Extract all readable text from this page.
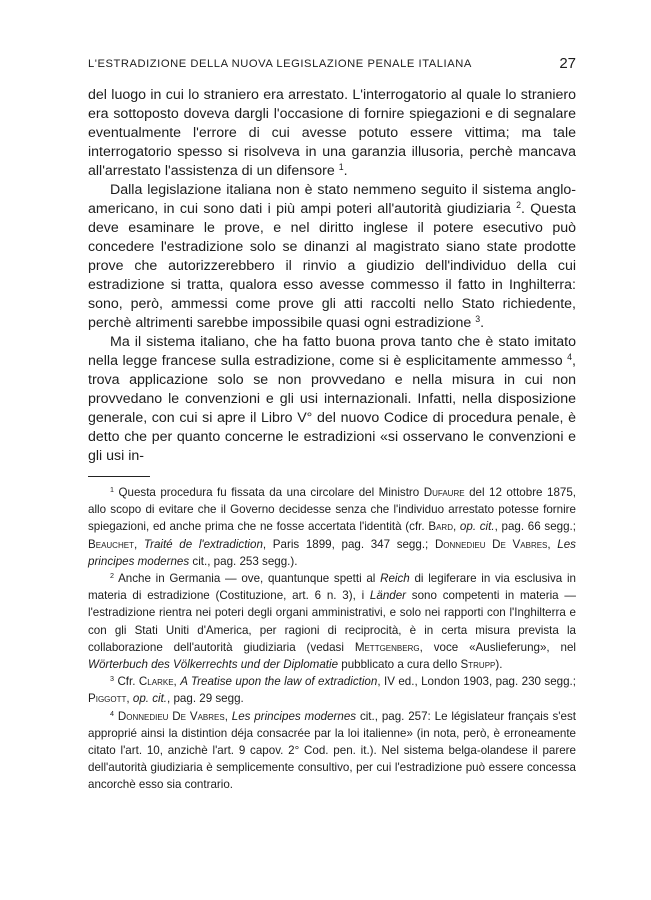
L'ESTRADIZIONE DELLA NUOVA LEGISLAZIONE PENALE ITALIANA	27

del luogo in cui lo straniero era arrestato. L'interrogatorio al quale lo straniero era sottoposto doveva dargli l'occasione di fornire spiegazioni e di segnalare eventualmente l'errore di cui avesse potuto essere vittima; ma tale interrogatorio spesso si risolveva in una garanzia illusoria, perchè mancava all'arrestato l'assistenza di un difensore $^1$.

Dalla legislazione italiana non è stato nemmeno seguito il sistema anglo-americano, in cui sono dati i più ampi poteri all'autorità giudiziaria $^2$. Questa deve esaminare le prove, e nel diritto inglese il potere esecutivo può concedere l'estradizione solo se dinanzi al magistrato siano state prodotte prove che autorizzerebbero il rinvio a giudizio dell'individuo della cui estradizione si tratta, qualora esso avesse commesso il fatto in Inghilterra: sono, però, ammessi come prove gli atti raccolti nello Stato richiedente, perchè altrimenti sarebbe impossibile quasi ogni estradizione $^3$.

Ma il sistema italiano, che ha fatto buona prova tanto che è stato imitato nella legge francese sulla estradizione, come si è esplicitamente ammesso $^4$, trova applicazione solo se non provvedano e nella misura in cui non provvedano le convenzioni e gli usi internazionali. Infatti, nella disposizione generale, con cui si apre il Libro V° del nuovo Codice di procedura penale, è detto che per quanto concerne le estradizioni «si osservano le convenzioni e gli usi in-

$^1$ Questa procedura fu fissata da una circolare del Ministro Dufaure del 12 ottobre 1875, allo scopo di evitare che il Governo decidesse senza che l'individuo arrestato potesse fornire spiegazioni, ed anche prima che ne fosse accertata l'identità (cfr. Bard, op. cit., pag. 66 segg.; Beauchet, Traité de l'extradiction, Paris 1899, pag. 347 segg.; Donnedieu De Vabres, Les principes modernes cit., pag. 253 segg.).

$^2$ Anche in Germania — ove, quantunque spetti al Reich di legiferare in via esclusiva in materia di estradizione (Costituzione, art. 6 n. 3), i Länder sono competenti in materia — l'estradizione rientra nei poteri degli organi amministrativi, e solo nei rapporti con l'Inghilterra e con gli Stati Uniti d'America, per ragioni di reciprocità, è in certa misura prevista la collaborazione dell'autorità giudiziaria (vedasi Mettgenberg, voce «Auslieferung», nel Wörterbuch des Völkerrechts und der Diplomatie pubblicato a cura dello Strupp).

$^3$ Cfr. Clarke, A Treatise upon the law of extradiction, IV ed., London 1903, pag. 230 segg.; Piggott, op. cit., pag. 29 segg.

$^4$ Donnedieu De Vabres, Les principes modernes cit., pag. 257: Le législateur français s'est approprié ainsi la distintion déja consacrée par la loi italienne» (in nota, però, è erroneamente citato l'art. 10, anzichè l'art. 9 capov. 2° Cod. pen. it.). Nel sistema belga-olandese il parere dell'autorità giudiziaria è semplicemente consultivo, per cui l'estradizione può essere concessa ancorchè esso sia contrario.
